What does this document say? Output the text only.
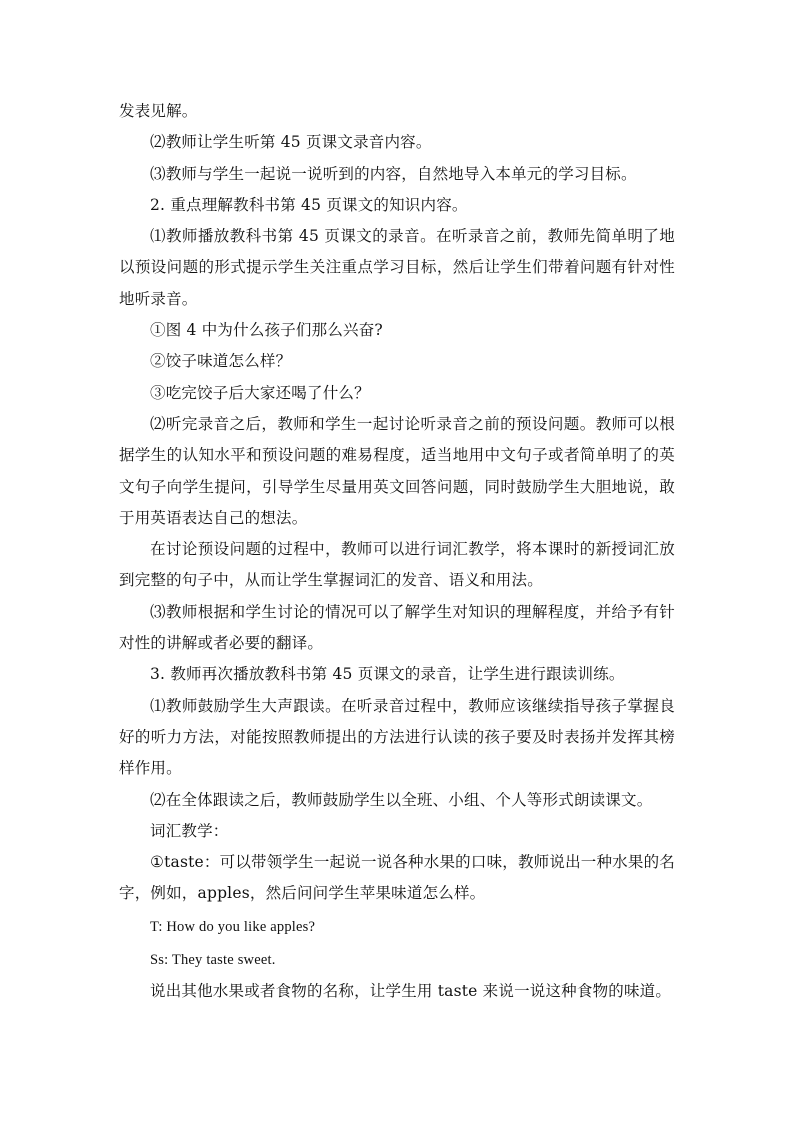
发表见解。

⑵教师让学生听第 45 页课文录音内容。

⑶教师与学生一起说一说听到的内容，自然地导入本单元的学习目标。

2. 重点理解教科书第 45 页课文的知识内容。

⑴教师播放教科书第 45 页课文的录音。在听录音之前，教师先简单明了地以预设问题的形式提示学生关注重点学习目标，然后让学生们带着问题有针对性地听录音。

①图 4 中为什么孩子们那么兴奋?

②饺子味道怎么样？

③吃完饺子后大家还喝了什么？

⑵听完录音之后，教师和学生一起讨论听录音之前的预设问题。教师可以根据学生的认知水平和预设问题的难易程度，适当地用中文句子或者简单明了的英文句子向学生提问，引导学生尽量用英文回答问题，同时鼓励学生大胆地说，敢于用英语表达自己的想法。

在讨论预设问题的过程中，教师可以进行词汇教学，将本课时的新授词汇放到完整的句子中，从而让学生掌握词汇的发音、语义和用法。

⑶教师根据和学生讨论的情况可以了解学生对知识的理解程度，并给予有针对性的讲解或者必要的翻译。

3. 教师再次播放教科书第 45 页课文的录音，让学生进行跟读训练。

⑴教师鼓励学生大声跟读。在听录音过程中，教师应该继续指导孩子掌握良好的听力方法，对能按照教师提出的方法进行认读的孩子要及时表扬并发挥其榜样作用。

⑵在全体跟读之后，教师鼓励学生以全班、小组、个人等形式朗读课文。

词汇教学：

①taste：可以带领学生一起说一说各种水果的口味，教师说出一种水果的名字，例如，apples，然后问问学生苹果味道怎么样。

T: How do you like apples?

Ss: They taste sweet.

说出其他水果或者食物的名称，让学生用 taste 来说一说这种食物的味道。
